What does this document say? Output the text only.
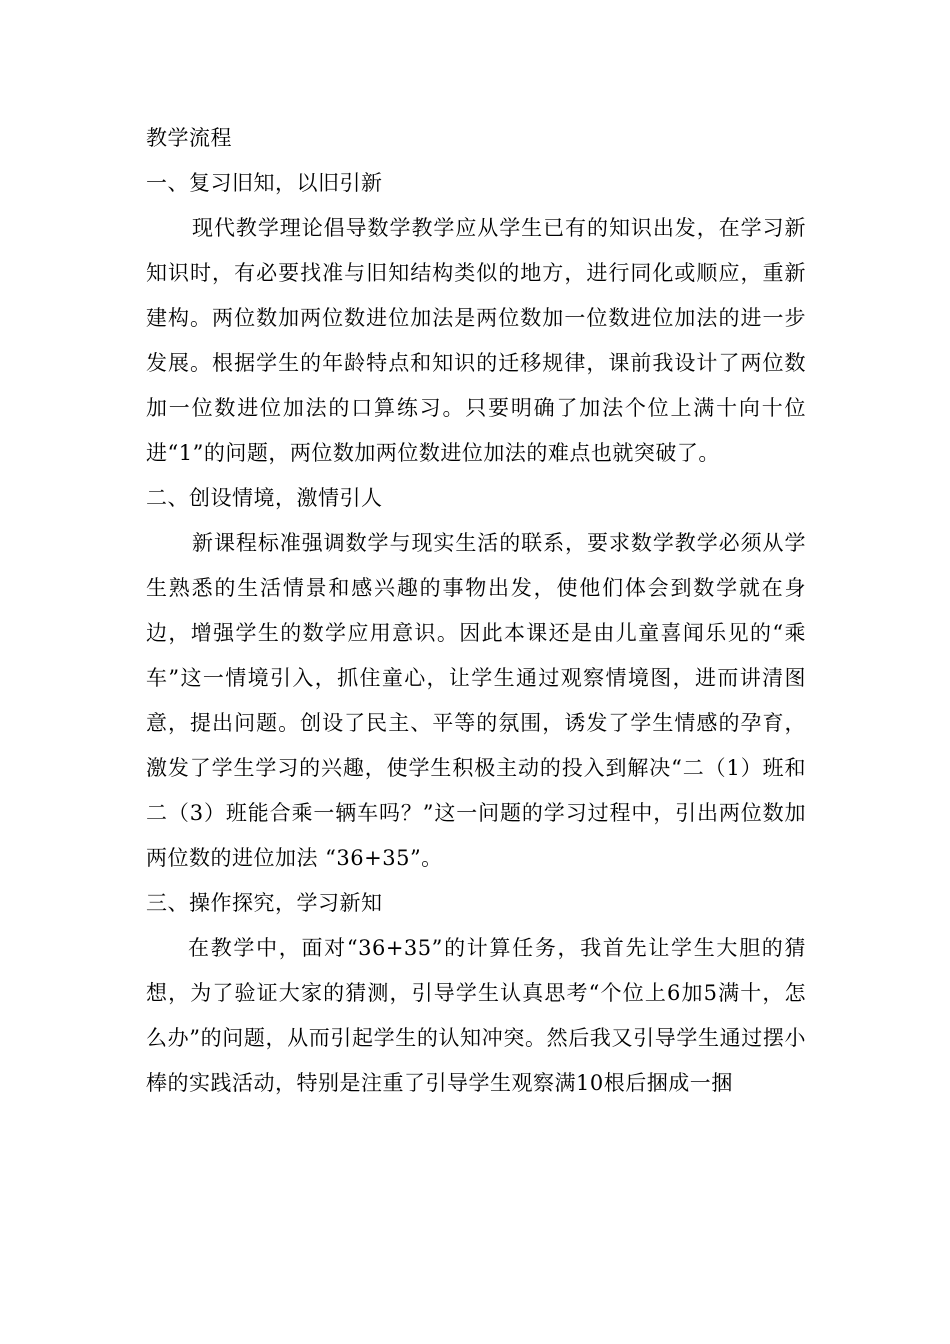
教学流程

一、复习旧知，以旧引新

现代教学理论倡导数学教学应从学生已有的知识出发，在学习新知识时，有必要找准与旧知结构类似的地方，进行同化或顺应，重新建构。两位数加两位数进位加法是两位数加一位数进位加法的进一步发展。根据学生的年龄特点和知识的迁移规律，课前我设计了两位数加一位数进位加法的口算练习。只要明确了加法个位上满十向十位进“1”的问题，两位数加两位数进位加法的难点也就突破了。

二、创设情境，激情引人

新课程标准强调数学与现实生活的联系，要求数学教学必须从学生熟悉的生活情景和感兴趣的事物出发，使他们体会到数学就在身边，增强学生的数学应用意识。因此本课还是由儿童喜闻乐见的“乘车”这一情境引入，抓住童心，让学生通过观察情境图，进而讲清图意，提出问题。创设了民主、平等的氛围，诱发了学生情感的孕育，激发了学生学习的兴趣，使学生积极主动的投入到解决“二（1）班和二（3）班能合乘一辆车吗？”这一问题的学习过程中，引出两位数加两位数的进位加法 “36+35”。

三、操作探究，学习新知

在教学中，面对“36+35”的计算任务，我首先让学生大胆的猜想，为了验证大家的猜测，引导学生认真思考“个位上6加5满十，怎么办”的问题，从而引起学生的认知冲突。然后我又引导学生通过摆小棒的实践活动，特别是注重了引导学生观察满10根后捆成一捆
